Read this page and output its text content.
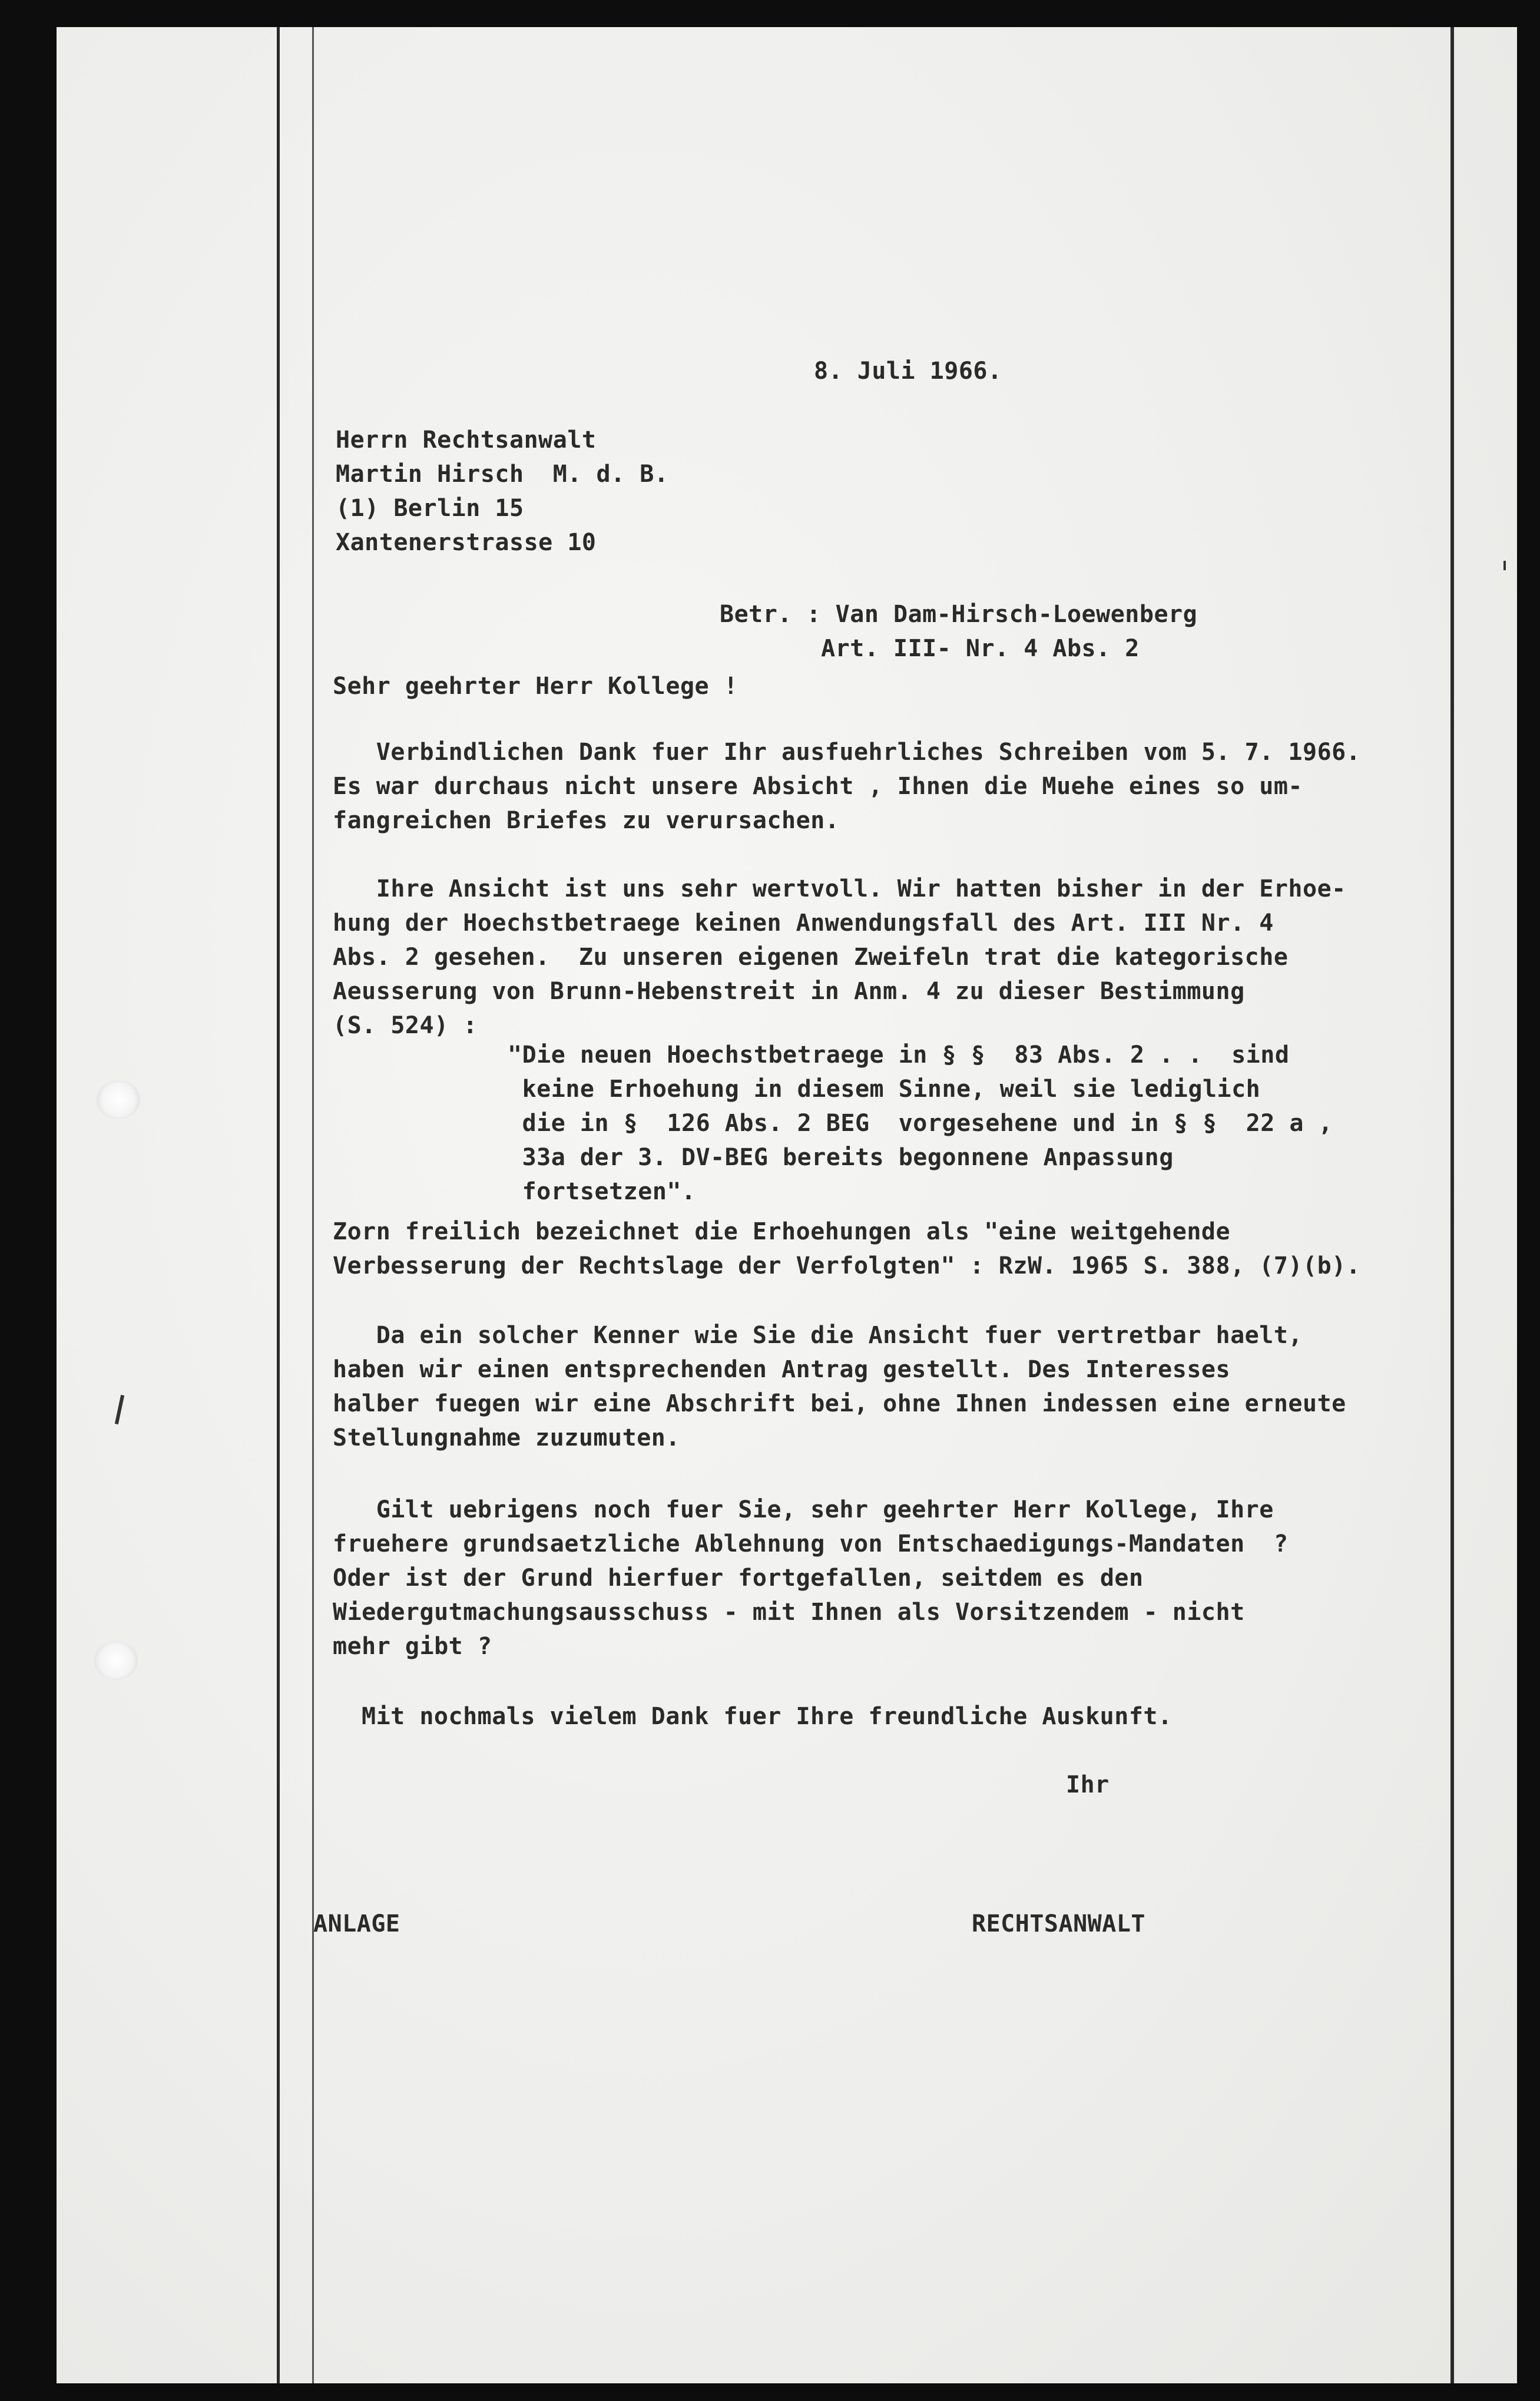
8. Juli 1966.
Herrn Rechtsanwalt
Martin Hirsch  M. d. B.
(1) Berlin 15
Xantenerstrasse 10
Betr. : Van Dam-Hirsch-Loewenberg
Art. III- Nr. 4 Abs. 2
Sehr geehrter Herr Kollege !
Verbindlichen Dank fuer Ihr ausfuehrliches Schreiben vom 5. 7. 1966.
Es war durchaus nicht unsere Absicht , Ihnen die Muehe eines so um-
fangreichen Briefes zu verursachen.
Ihre Ansicht ist uns sehr wertvoll. Wir hatten bisher in der Erhoe-
hung der Hoechstbetraege keinen Anwendungsfall des Art. III Nr. 4
Abs. 2 gesehen.  Zu unseren eigenen Zweifeln trat die kategorische
Aeusserung von Brunn-Hebenstreit in Anm. 4 zu dieser Bestimmung
(S. 524) :
"Die neuen Hoechstbetraege in § §  83 Abs. 2 . .  sind
keine Erhoehung in diesem Sinne, weil sie lediglich
die in §  126 Abs. 2 BEG  vorgesehene und in § §  22 a ,
33a der 3. DV-BEG bereits begonnene Anpassung
fortsetzen".
Zorn freilich bezeichnet die Erhoehungen als "eine weitgehende
Verbesserung der Rechtslage der Verfolgten" : RzW. 1965 S. 388, (7)(b).
Da ein solcher Kenner wie Sie die Ansicht fuer vertretbar haelt,
haben wir einen entsprechenden Antrag gestellt. Des Interesses
halber fuegen wir eine Abschrift bei, ohne Ihnen indessen eine erneute
Stellungnahme zuzumuten.
Gilt uebrigens noch fuer Sie, sehr geehrter Herr Kollege, Ihre
fruehere grundsaetzliche Ablehnung von Entschaedigungs-Mandaten  ?
Oder ist der Grund hierfuer fortgefallen, seitdem es den
Wiedergutmachungsausschuss - mit Ihnen als Vorsitzendem - nicht
mehr gibt ?
Mit nochmals vielem Dank fuer Ihre freundliche Auskunft.
Ihr
ANLAGE	RECHTSANWALT
